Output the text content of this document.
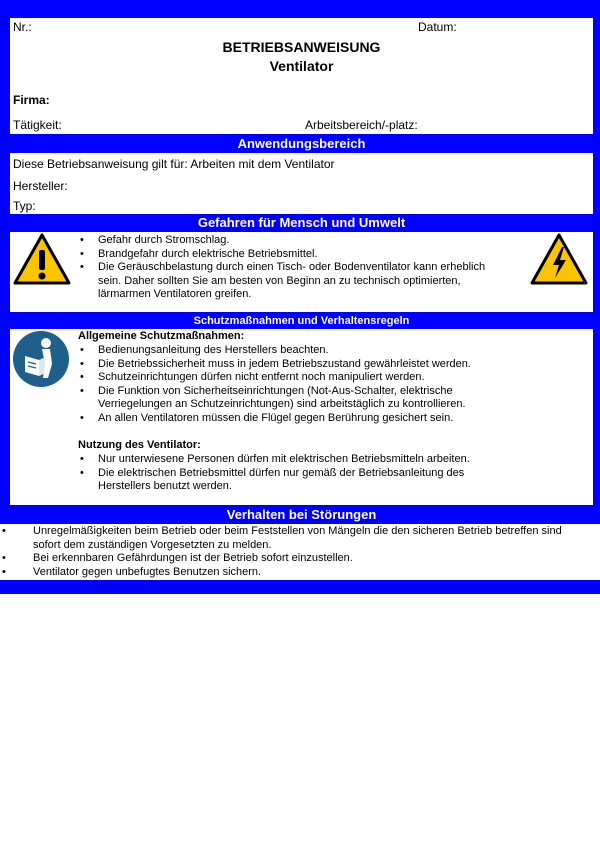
Nr.:	Datum:
BETRIEBSANWEISUNG
Ventilator
Firma:
Tätigkeit:	Arbeitsbereich/-platz:
Anwendungsbereich
Diese Betriebsanweisung gilt für: Arbeiten mit dem Ventilator
Hersteller:
Typ:
Gefahren für Mensch und Umwelt
• Gefahr durch Stromschlag.
• Brandgefahr durch elektrische Betriebsmittel.
• Die Geräuschbelastung durch einen Tisch- oder Bodenventilator kann erheblich sein. Daher sollten Sie am besten von Beginn an zu technisch optimierten, lärmarmen Ventilatoren greifen.
Schutzmaßnahmen und Verhaltensregeln
Allgemeine Schutzmaßnahmen:
• Bedienungsanleitung des Herstellers beachten.
• Die Betriebssicherheit muss in jedem Betriebszustand gewährleistet werden.
• Schutzeinrichtungen dürfen nicht entfernt noch manipuliert werden.
• Die Funktion von Sicherheitseinrichtungen (Not-Aus-Schalter, elektrische Verriegelungen an Schutzeinrichtungen) sind arbeitstäglich zu kontrollieren.
• An allen Ventilatoren müssen die Flügel gegen Berührung gesichert sein.
Nutzung des Ventilator:
• Nur unterwiesene Personen dürfen mit elektrischen Betriebsmitteln arbeiten.
• Die elektrischen Betriebsmittel dürfen nur gemäß der Betriebsanleitung des Herstellers benutzt werden.
Verhalten bei Störungen
• Unregelmäßigkeiten beim Betrieb oder beim Feststellen von Mängeln die den sicheren Betrieb betreffen sind sofort dem zuständigen Vorgesetzten zu melden.
• Bei erkennbaren Gefährdungen ist der Betrieb sofort einzustellen.
• Ventilator gegen unbefugtes Benutzen sichern.
